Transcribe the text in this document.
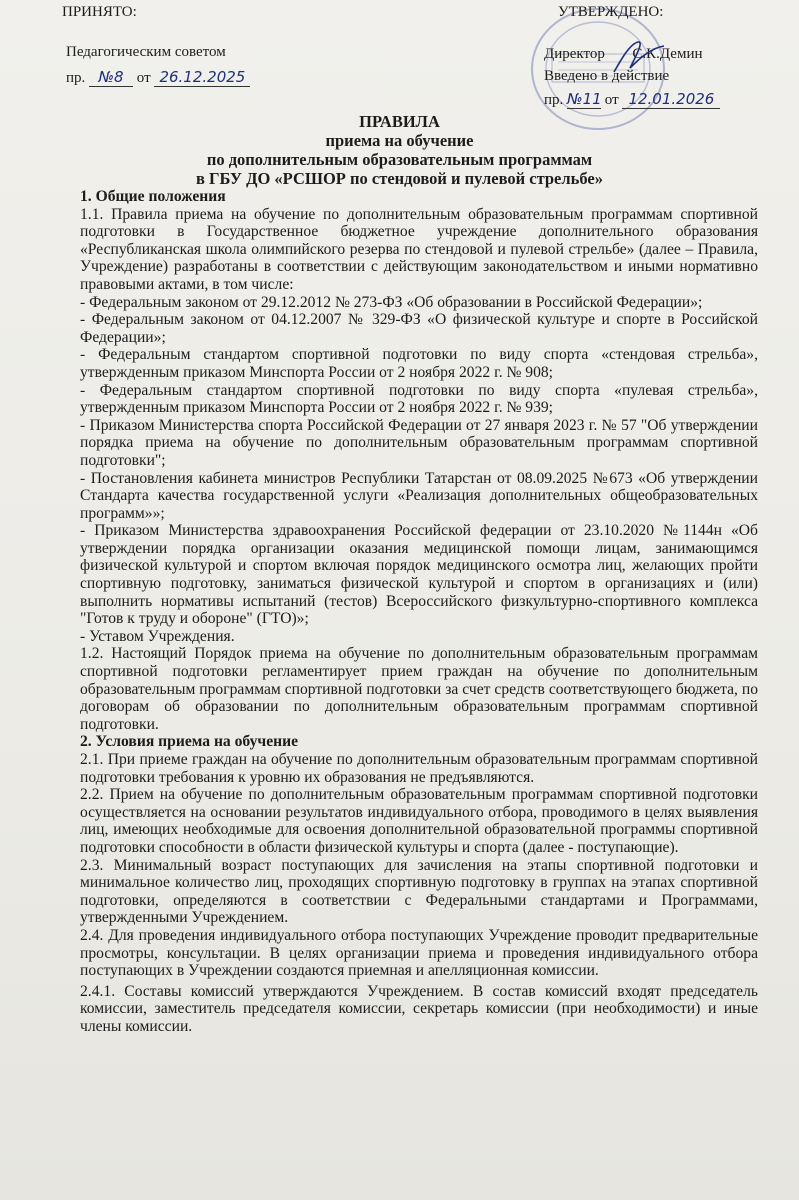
ПРИНЯТО:
Педагогическим советом
пр. №8 от 26.12.2025
УТВЕРЖДЕНО:
Директор С.К.Демин
Введено в действие
пр. №11 от 12.01.2026
ПРАВИЛА
приема на обучение
по дополнительным образовательным программам
в ГБУ ДО «РСШОР по стендовой и пулевой стрельбе»

1. Общие положения

1.1. Правила приема на обучение по дополнительным образовательным программам спортивной подготовки в Государственное бюджетное учреждение дополнительного образования «Республиканская школа олимпийского резерва по стендовой и пулевой стрельбе» (далее – Правила, Учреждение) разработаны в соответствии с действующим законодательством и иными нормативно правовыми актами, в том числе:

- Федеральным законом от 29.12.2012 № 273-ФЗ «Об образовании в Российской Федерации»;

- Федеральным законом от 04.12.2007 № 329-ФЗ «О физической культуре и спорте в Российской Федерации»;

- Федеральным стандартом спортивной подготовки по виду спорта «стендовая стрельба», утвержденным приказом Минспорта России от 2 ноября 2022 г. № 908;

- Федеральным стандартом спортивной подготовки по виду спорта «пулевая стрельба», утвержденным приказом Минспорта России от 2 ноября 2022 г. № 939;

- Приказом Министерства спорта Российской Федерации от 27 января 2023 г. № 57 "Об утверждении порядка приема на обучение по дополнительным образовательным программам спортивной подготовки";

- Постановления кабинета министров Республики Татарстан от 08.09.2025 №673 «Об утверждении Стандарта качества государственной услуги «Реализация дополнительных общеобразовательных программ»»;

- Приказом Министерства здравоохранения Российской федерации от 23.10.2020 №1144н «Об утверждении порядка организации оказания медицинской помощи лицам, занимающимся физической культурой и спортом включая порядок медицинского осмотра лиц, желающих пройти спортивную подготовку, заниматься физической культурой и спортом в организациях и (или) выполнить нормативы испытаний (тестов) Всероссийского физкультурно-спортивного комплекса "Готов к труду и обороне" (ГТО)»;

- Уставом Учреждения.

1.2. Настоящий Порядок приема на обучение по дополнительным образовательным программам спортивной подготовки регламентирует прием граждан на обучение по дополнительным образовательным программам спортивной подготовки за счет средств соответствующего бюджета, по договорам об образовании по дополнительным образовательным программам спортивной подготовки.

2. Условия приема на обучение

2.1. При приеме граждан на обучение по дополнительным образовательным программам спортивной подготовки требования к уровню их образования не предъявляются.

2.2. Прием на обучение по дополнительным образовательным программам спортивной подготовки осуществляется на основании результатов индивидуального отбора, проводимого в целях выявления лиц, имеющих необходимые для освоения дополнительной образовательной программы спортивной подготовки способности в области физической культуры и спорта (далее - поступающие).

2.3. Минимальный возраст поступающих для зачисления на этапы спортивной подготовки и минимальное количество лиц, проходящих спортивную подготовку в группах на этапах спортивной подготовки, определяются в соответствии с Федеральными стандартами и Программами, утвержденными Учреждением.

2.4. Для проведения индивидуального отбора поступающих Учреждение проводит предварительные просмотры, консультации. В целях организации приема и проведения индивидуального отбора поступающих в Учреждении создаются приемная и апелляционная комиссии.

2.4.1. Составы комиссий утверждаются Учреждением. В состав комиссий входят председатель комиссии, заместитель председателя комиссии, секретарь комиссии (при необходимости) и иные члены комиссии.
